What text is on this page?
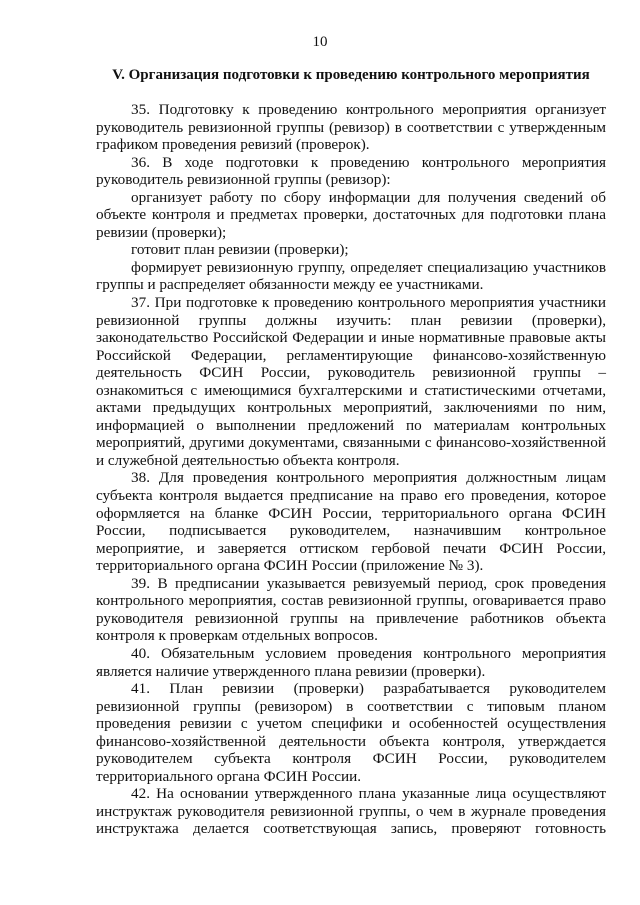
10
V. Организация подготовки к проведению контрольного мероприятия

35. Подготовку к проведению контрольного мероприятия организует руководитель ревизионной группы (ревизор) в соответствии с утвержденным графиком проведения ревизий (проверок).

36. В ходе подготовки к проведению контрольного мероприятия руководитель ревизионной группы (ревизор):

организует работу по сбору информации для получения сведений об объекте контроля и предметах проверки, достаточных для подготовки плана ревизии (проверки);

готовит план ревизии (проверки);

формирует ревизионную группу, определяет специализацию участников группы и распределяет обязанности между ее участниками.

37. При подготовке к проведению контрольного мероприятия участники ревизионной группы должны изучить: план ревизии (проверки), законодательство Российской Федерации и иные нормативные правовые акты Российской Федерации, регламентирующие финансово-хозяйственную деятельность ФСИН России, руководитель ревизионной группы – ознакомиться с имеющимися бухгалтерскими и статистическими отчетами, актами предыдущих контрольных мероприятий, заключениями по ним, информацией о выполнении предложений по материалам контрольных мероприятий, другими документами, связанными с финансово-хозяйственной и служебной деятельностью объекта контроля.

38. Для проведения контрольного мероприятия должностным лицам субъекта контроля выдается предписание на право его проведения, которое оформляется на бланке ФСИН России, территориального органа ФСИН России, подписывается руководителем, назначившим контрольное мероприятие, и заверяется оттиском гербовой печати ФСИН России, территориального органа ФСИН России (приложение № 3).

39. В предписании указывается ревизуемый период, срок проведения контрольного мероприятия, состав ревизионной группы, оговаривается право руководителя ревизионной группы на привлечение работников объекта контроля к проверкам отдельных вопросов.

40. Обязательным условием проведения контрольного мероприятия является наличие утвержденного плана ревизии (проверки).

41. План ревизии (проверки) разрабатывается руководителем ревизионной группы (ревизором) в соответствии с типовым планом проведения ревизии с учетом специфики и особенностей осуществления финансово-хозяйственной деятельности объекта контроля, утверждается руководителем субъекта контроля ФСИН России, руководителем территориального органа ФСИН России.

42. На основании утвержденного плана указанные лица осуществляют инструктаж руководителя ревизионной группы, о чем в журнале проведения инструктажа делается соответствующая запись, проверяют готовность
